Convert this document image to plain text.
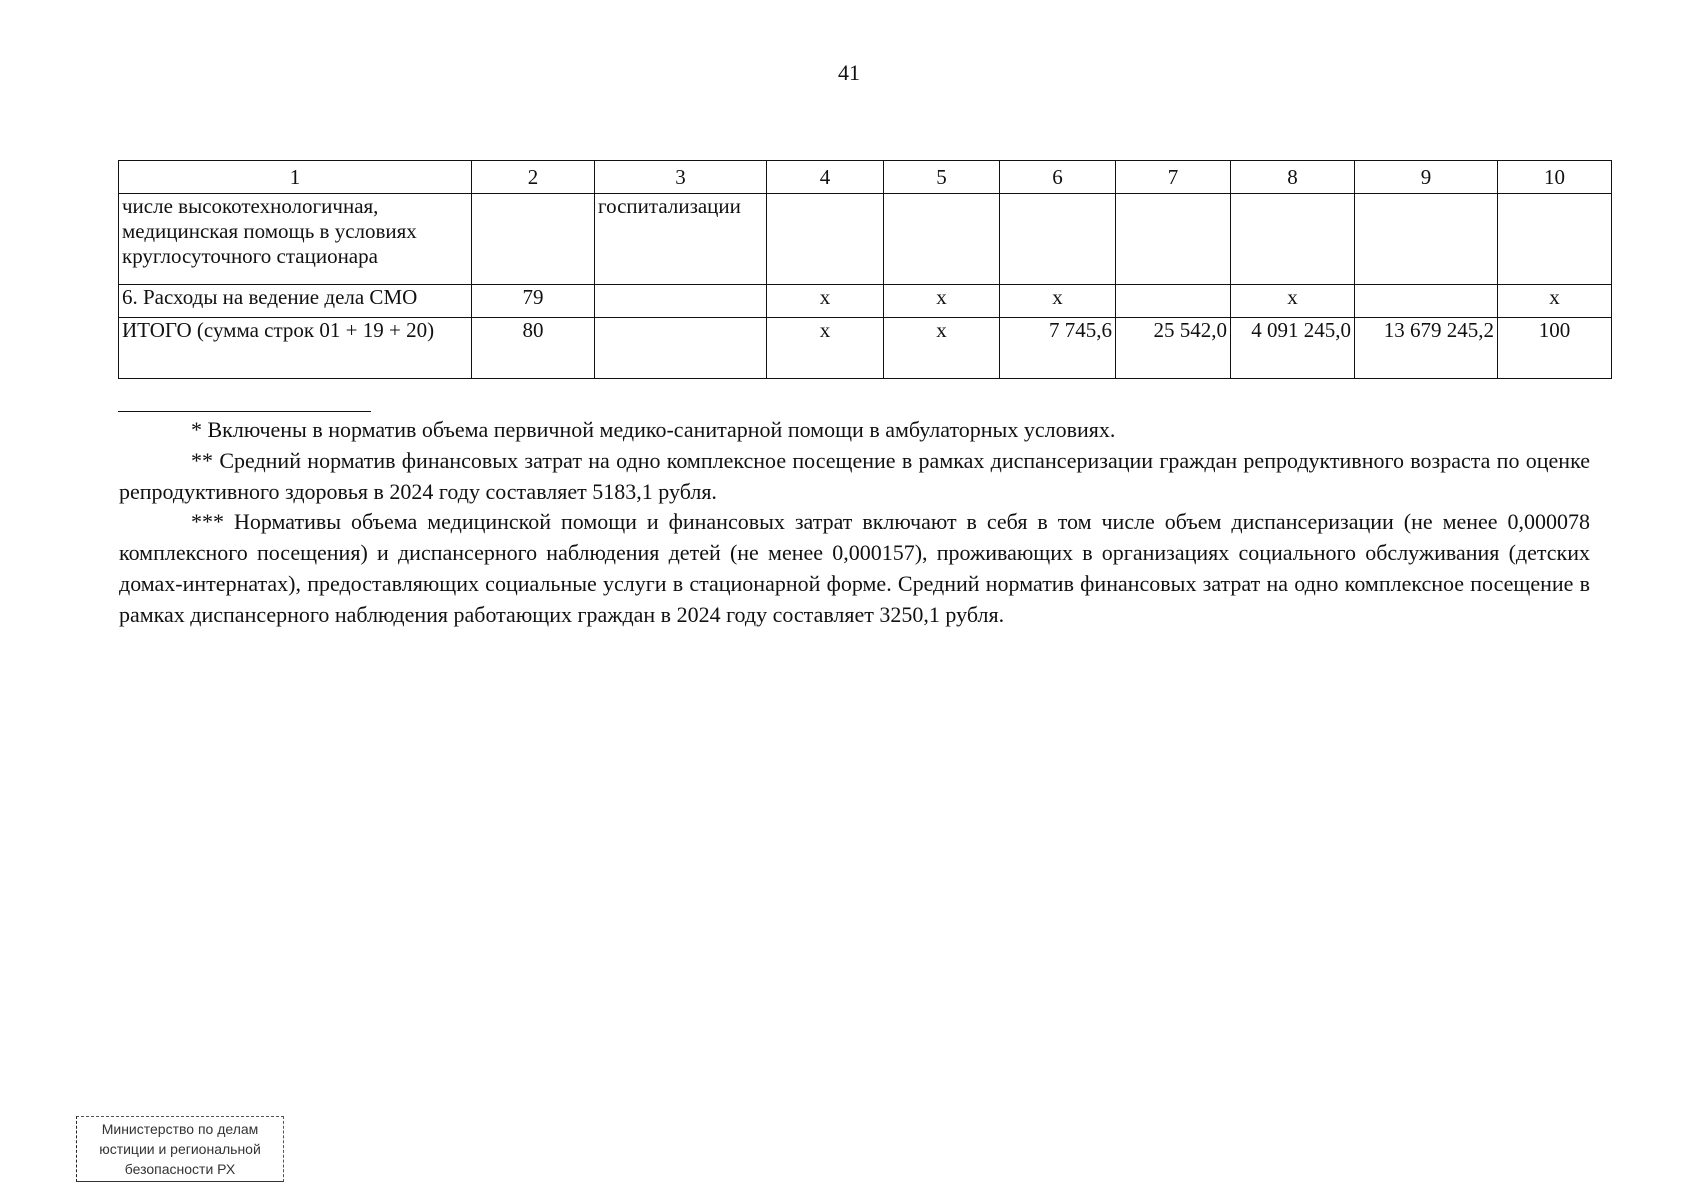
41
1	2	3	4	5	6	7	8	9	10
числе высокотехнологичная, медицинская помощь в условиях круглосуточного стационара		госпитализации							
6. Расходы на ведение дела СМО	79		х	х	х		х		х
ИТОГО (сумма строк 01 + 19 + 20)	80		х	х	7 745,6	25 542,0	4 091 245,0	13 679 245,2	100

* Включены в норматив объема первичной медико-санитарной помощи в амбулаторных условиях.

** Средний норматив финансовых затрат на одно комплексное посещение в рамках диспансеризации граждан репродуктивного возраста по оценке репродуктивного здоровья в 2024 году составляет 5183,1 рубля.

*** Нормативы объема медицинской помощи и финансовых затрат включают в себя в том числе объем диспансеризации (не менее 0,000078 комплексного посещения) и диспансерного наблюдения детей (не менее 0,000157), проживающих в организациях социального обслуживания (детских домах-интернатах), предоставляющих социальные услуги в стационарной форме. Средний норматив финансовых затрат на одно комплексное посещение в рамках диспансерного наблюдения работающих граждан в 2024 году составляет 3250,1 рубля.

Министерство по делам
юстиции и региональной
безопасности РХ
